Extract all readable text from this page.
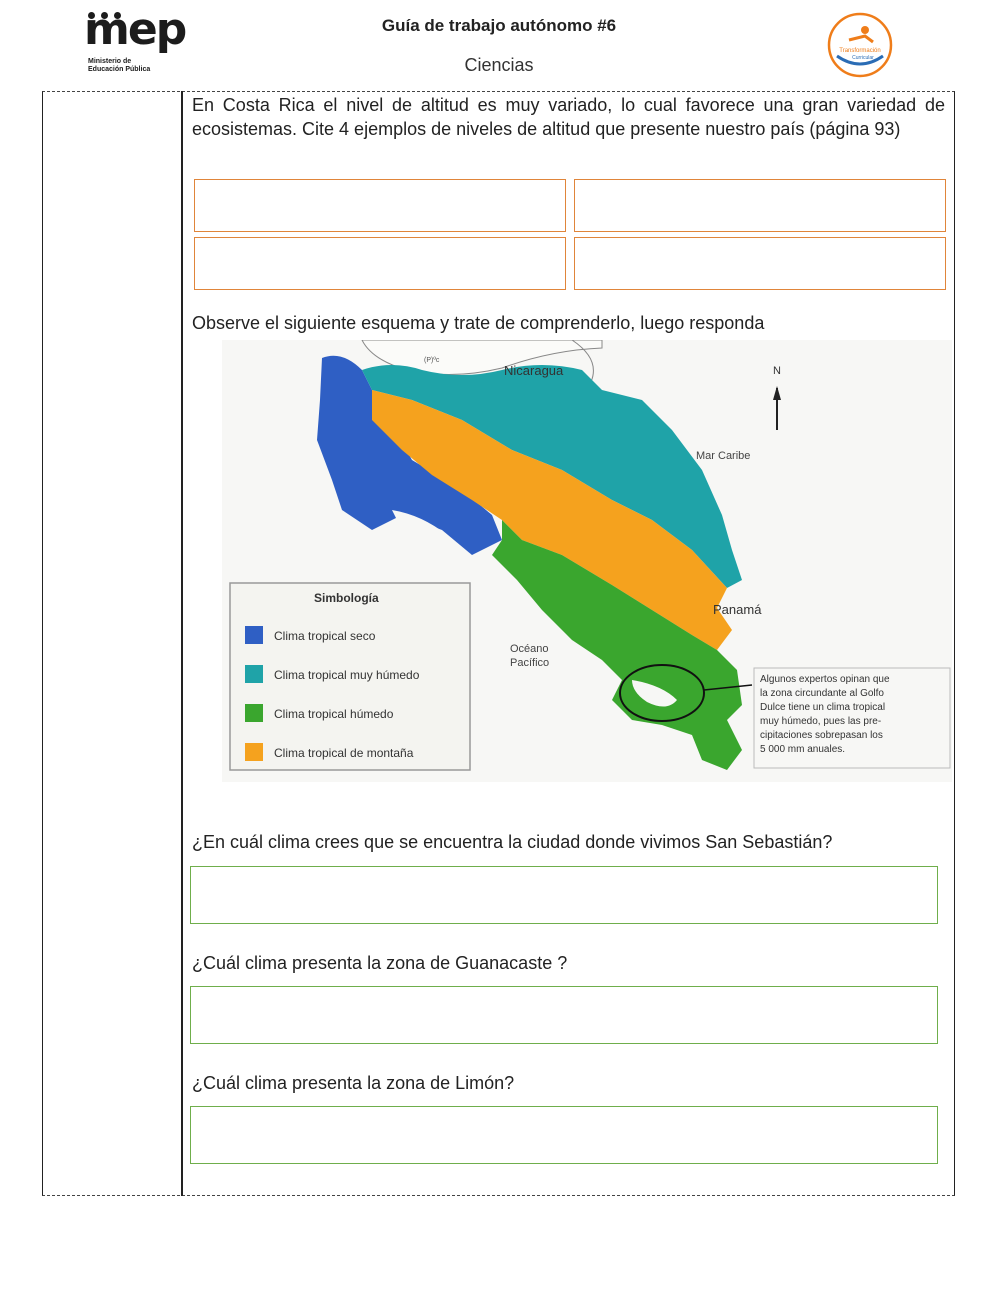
mep
Ministerio de
Educación Pública
Guía de trabajo autónomo #6
Ciencias
Transformación
Curricular
En Costa Rica el nivel de altitud es muy variado, lo cual favorece una gran variedad de ecosistemas. Cite 4 ejemplos de niveles de altitud que presente nuestro país (página 93)
Observe el siguiente esquema y trate de comprenderlo, luego responda
Nicaragua
(P)ºc
N
Mar Caribe
Panamá
Océano
Pacífico
Simbología
Clima tropical seco
Clima tropical muy húmedo
Clima tropical húmedo
Clima tropical de montaña
Algunos expertos opinan que
la zona circundante al Golfo
Dulce tiene un clima tropical
muy húmedo, pues las pre-
cipitaciones sobrepasan los
5 000 mm anuales.
¿En cuál clima crees que se encuentra la ciudad donde vivimos San Sebastián?
¿Cuál clima presenta la zona de Guanacaste ?
¿Cuál clima presenta la zona de Limón?
